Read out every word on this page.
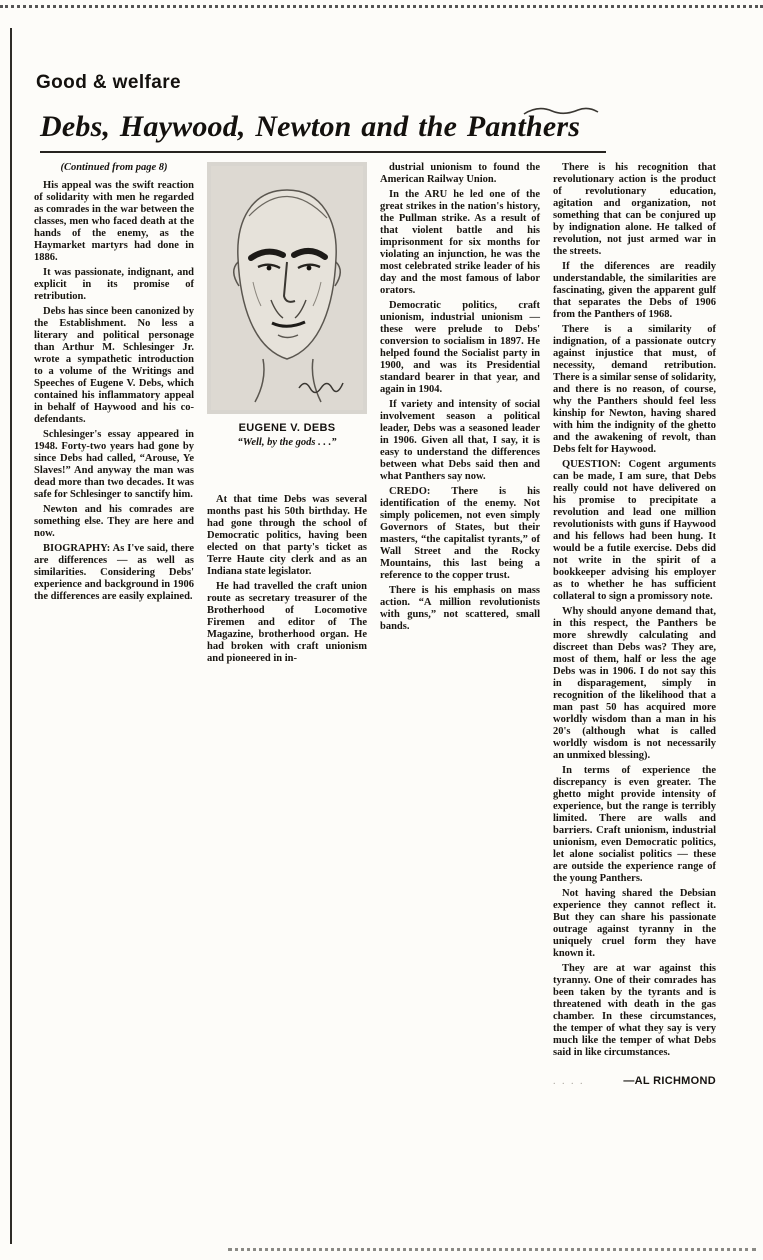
Good & welfare
Debs, Haywood, Newton and the Panthers

(Continued from page 8)

His appeal was the swift reaction of solidarity with men he regarded as comrades in the war between the classes, men who faced death at the hands of the enemy, as the Haymarket martyrs had done in 1886.

It was passionate, indignant, and explicit in its promise of retribution.

Debs has since been canonized by the Establishment. No less a literary and political personage than Arthur M. Schlesinger Jr. wrote a sympathetic introduction to a volume of the Writings and Speeches of Eugene V. Debs, which contained his inflammatory appeal in behalf of Haywood and his co-defendants.

Schlesinger's essay appeared in 1948. Forty-two years had gone by since Debs had called, “Arouse, Ye Slaves!” And anyway the man was dead more than two decades. It was safe for Schlesinger to sanctify him.

Newton and his comrades are something else. They are here and now.

BIOGRAPHY: As I've said, there are differences — as well as similarities. Considering Debs' experience and background in 1906 the differences are easily explained.

EUGENE V. DEBS
“Well, by the gods . . .”

At that time Debs was several months past his 50th birthday. He had gone through the school of Democratic politics, having been elected on that party's ticket as Terre Haute city clerk and as an Indiana state legislator.

He had travelled the craft union route as secretary treasurer of the Brotherhood of Locomotive Firemen and editor of The Magazine, brotherhood organ. He had broken with craft unionism and pioneered in in-

dustrial unionism to found the American Railway Union.

In the ARU he led one of the great strikes in the nation's history, the Pullman strike. As a result of that violent battle and his imprisonment for six months for violating an injunction, he was the most celebrated strike leader of his day and the most famous of labor orators.

Democratic politics, craft unionism, industrial unionism — these were prelude to Debs' conversion to socialism in 1897. He helped found the Socialist party in 1900, and was its Presidential standard bearer in that year, and again in 1904.

If variety and intensity of social involvement season a political leader, Debs was a seasoned leader in 1906. Given all that, I say, it is easy to understand the differences between what Debs said then and what Panthers say now.

CREDO: There is his identification of the enemy. Not simply policemen, not even simply Governors of States, but their masters, “the capitalist tyrants,” of Wall Street and the Rocky Mountains, this last being a reference to the copper trust.

There is his emphasis on mass action. “A million revolutionists with guns,” not scattered, small bands.

There is his recognition that revolutionary action is the product of revolutionary education, agitation and organization, not something that can be conjured up by indignation alone. He talked of revolution, not just armed war in the streets.

If the diferences are readily understandable, the similarities are fascinating, given the apparent gulf that separates the Debs of 1906 from the Panthers of 1968.

There is a similarity of indignation, of a passionate outcry against injustice that must, of necessity, demand retribution. There is a similar sense of solidarity, and there is no reason, of course, why the Panthers should feel less kinship for Newton, having shared with him the indignity of the ghetto and the awakening of revolt, than Debs felt for Haywood.

QUESTION: Cogent arguments can be made, I am sure, that Debs really could not have delivered on his promise to precipitate a revolution and lead one million revolutionists with guns if Haywood and his fellows had been hung. It would be a futile exercise. Debs did not write in the spirit of a bookkeeper advising his employer as to whether he has sufficient collateral to sign a promissory note.

Why should anyone demand that, in this respect, the Panthers be more shrewdly calculating and discreet than Debs was? They are, most of them, half or less the age Debs was in 1906. I do not say this in disparagement, simply in recognition of the likelihood that a man past 50 has acquired more worldly wisdom than a man in his 20's (although what is called worldly wisdom is not necessarily an unmixed blessing).

In terms of experience the discrepancy is even greater. The ghetto might provide intensity of experience, but the range is terribly limited. There are walls and barriers. Craft unionism, industrial unionism, even Democratic politics, let alone socialist politics — these are outside the experience range of the young Panthers.

Not having shared the Debsian experience they cannot reflect it. But they can share his passionate outrage against tyranny in the uniquely cruel form they have known it.

They are at war against this tyranny. One of their comrades has been taken by the tyrants and is threatened with death in the gas chamber. In these circumstances, the temper of what they say is very much like the temper of what Debs said in like circumstances.

. . . .	—AL RICHMOND
